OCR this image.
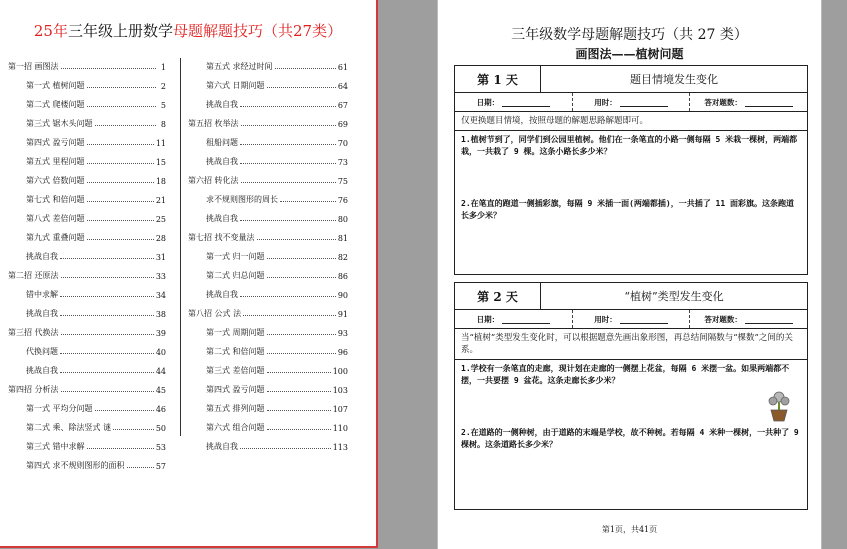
25年三年级上册数学母题解题技巧（共27类）
第一招 画图法	1
第一式 植树问题	2
第二式 爬楼问题	5
第三式 锯木头问题	8
第四式 盈亏问题	11
第五式 里程问题	15
第六式 倍数问题	18
第七式 和倍问题	21
第八式 差倍问题	25
第九式 重叠问题	28
挑战自我	31
第二招 还原法	33
错中求解	34
挑战自我	38
第三招 代换法	39
代换问题	40
挑战自我	44
第四招 分析法	45
第一式 平均分问题	46
第二式 乘、除法竖式 谜	50
第三式 错中求解	53
第四式 求不规则图形的面积	57
第五式 求经过时间	61
第六式 日期问题	64
挑战自我	67
第五招 枚举法	69
租船问题	70
挑战自我	73
第六招 转化法	75
求不规则图形的周长	76
挑战自我	80
第七招 找不变量法	81
第一式 归一问题	82
第二式 归总问题	86
挑战自我	90
第八招 公式 法	91
第一式 周期问题	93
第二式 和倍问题	96
第三式 差倍问题	100
第四式 盈亏问题	103
第五式 排列问题	107
第六式 组合问题	110
挑战自我	113
三年级数学母题解题技巧（共 27 类）
画图法——植树问题
第 1 天	题目情境发生变化
日期：	用时：	答对题数：
仅更换题目情境，按照母题的解题思路解题即可。
1.植树节到了，同学们到公园里植树。他们在一条笔直的小路一侧每隔 5 米栽一棵树，两端都栽，一共栽了 9 棵。这条小路长多少米？
2.在笔直的跑道一侧插彩旗，每隔 9 米插一面(两端都插)，一共插了 11 面彩旗。这条跑道长多少米？
第 2 天	“植树”类型发生变化
日期：	用时：	答对题数：
当“植树”类型发生变化时，可以根据题意先画出象形图，再总结间隔数与“棵数”之间的关系。
1.学校有一条笔直的走廊，现计划在走廊的一侧摆上花盆，每隔 6 米摆一盆。如果两端都不摆，一共要摆 9 盆花。这条走廊长多少米？
2.在道路的一侧种树，由于道路的末端是学校，故不种树。若每隔 4 米种一棵树，一共种了 9 棵树。这条道路长多少米？
第1页，共41页
